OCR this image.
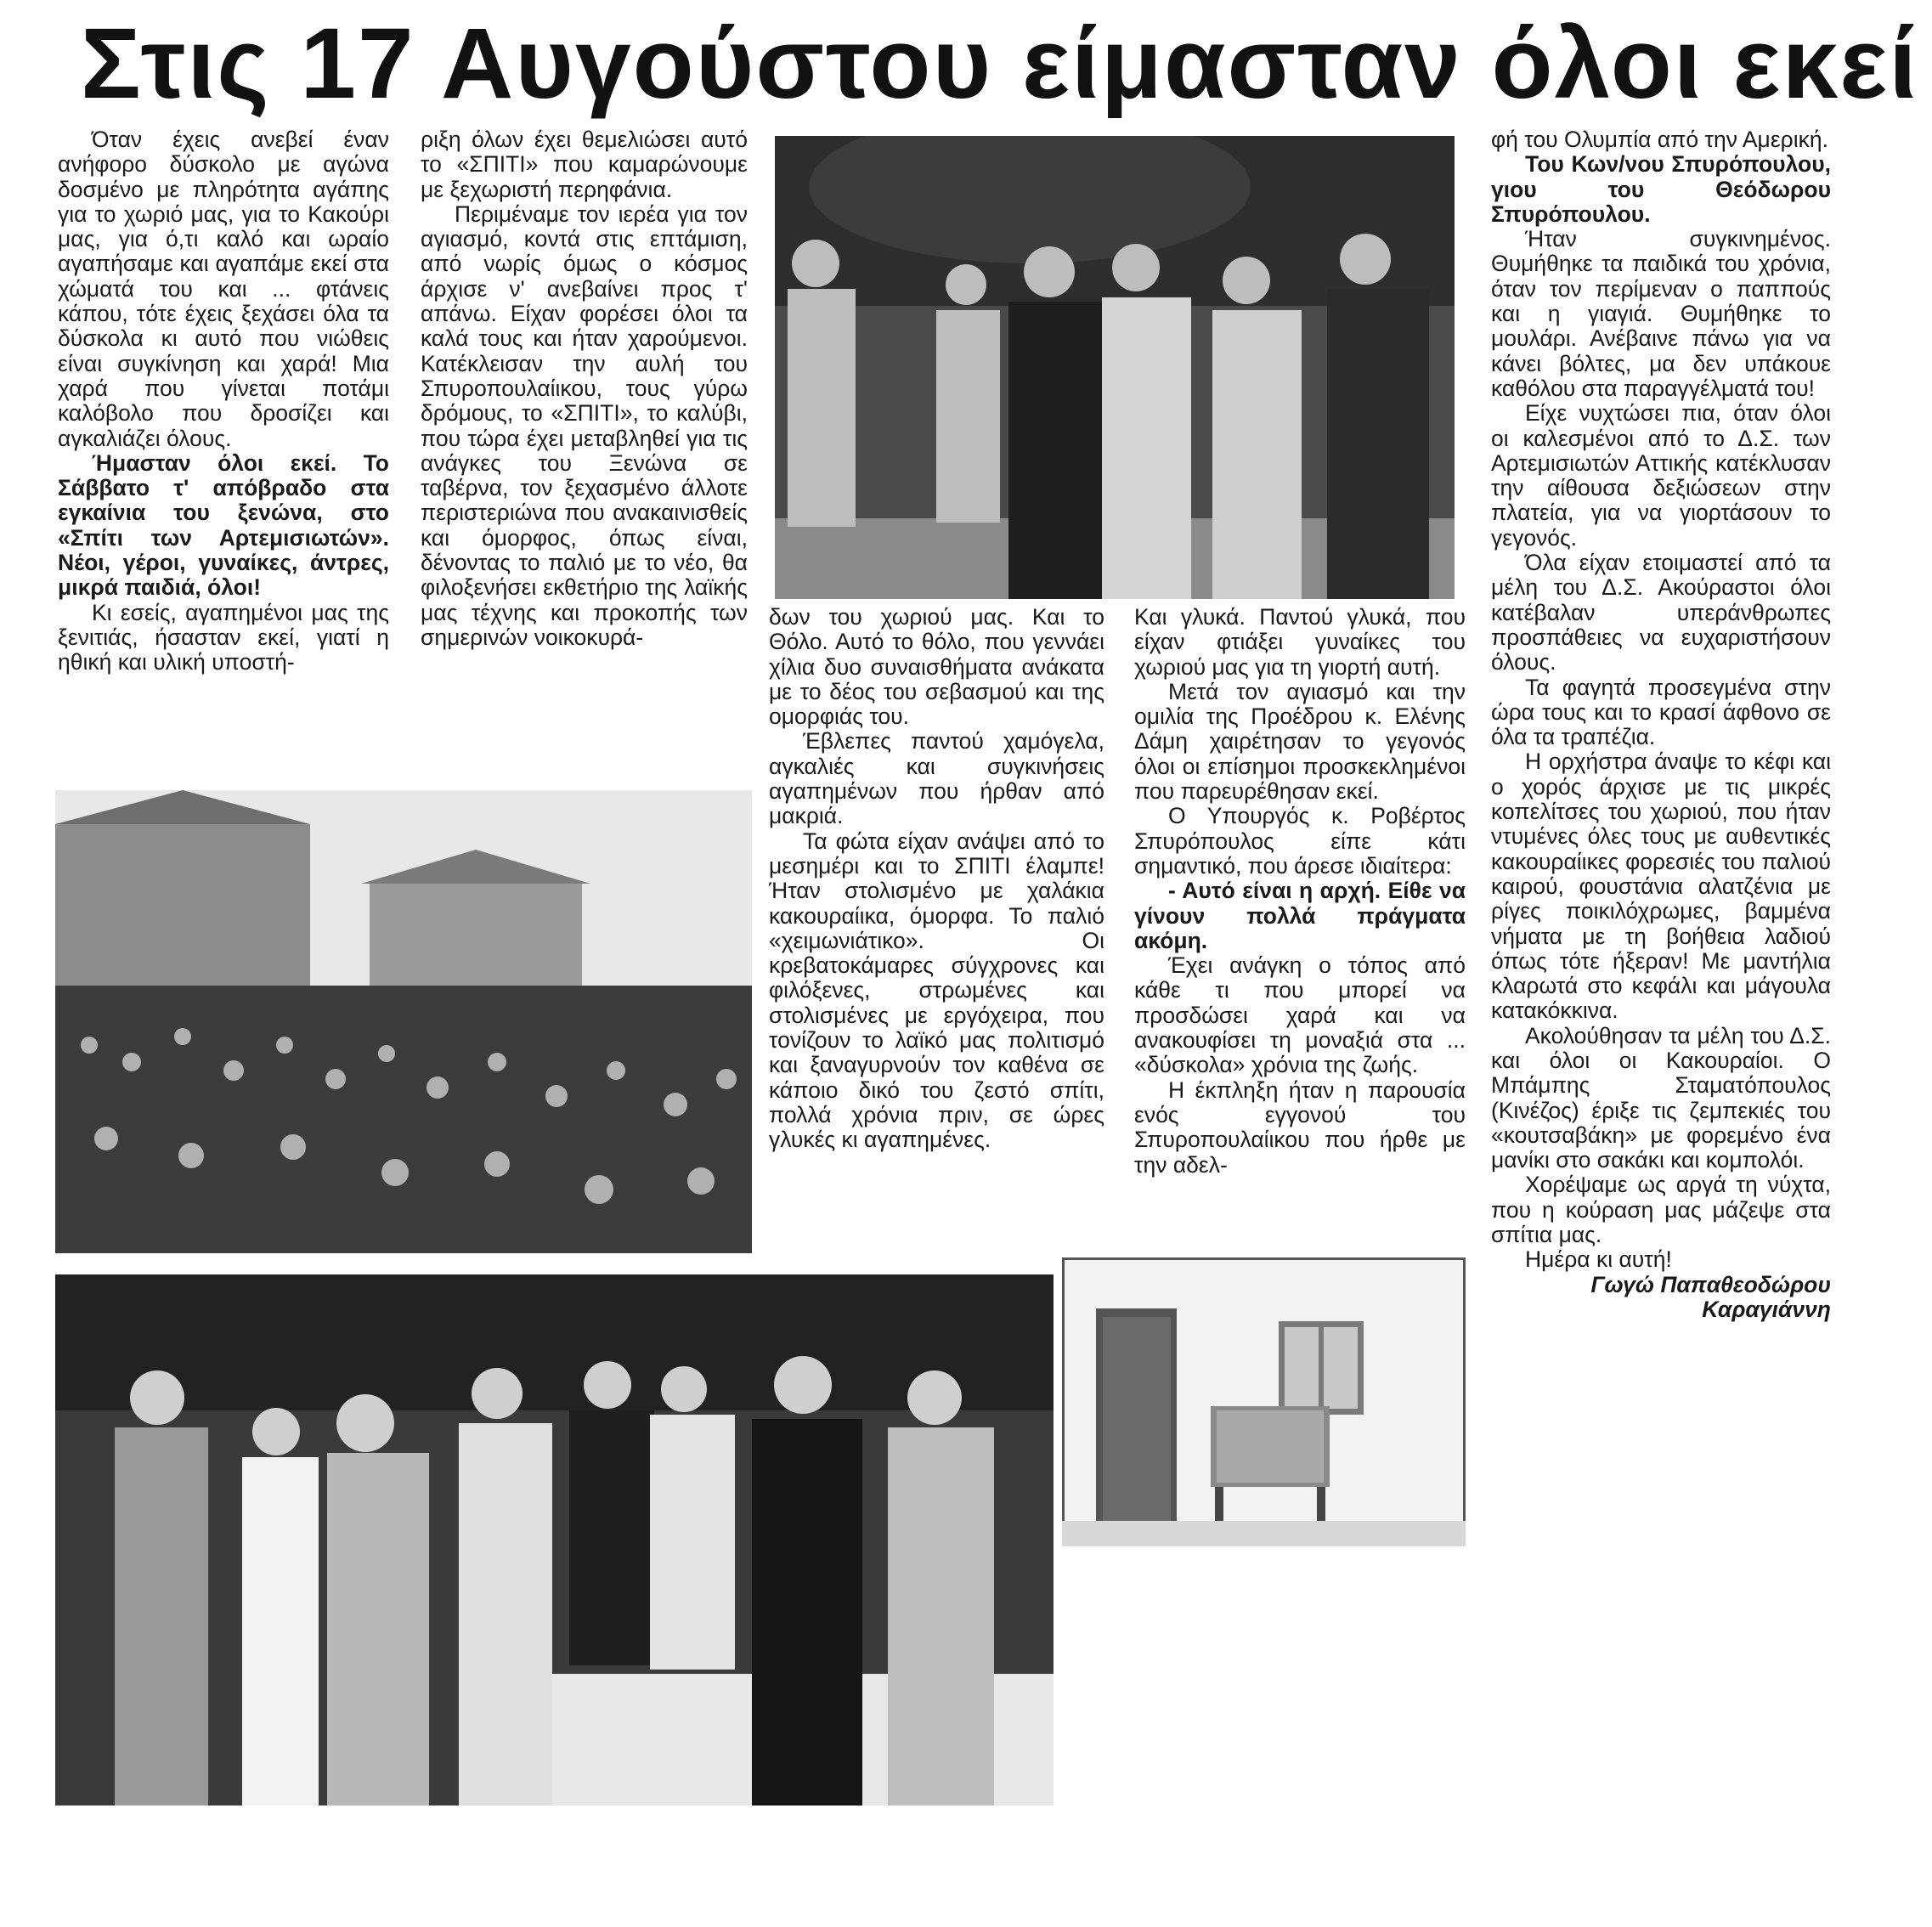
Στις 17 Αυγούστου είμασταν όλοι εκεί

Όταν έχεις ανεβεί έναν ανήφορο δύσκολο με αγώνα δοσμένο με πληρότητα αγάπης για το χωριό μας, για το Κακούρι μας, για ό,τι καλό και ωραίο αγαπήσαμε και αγαπάμε εκεί στα χώματά του και ... φτάνεις κάπου, τότε έχεις ξεχάσει όλα τα δύσκολα κι αυτό που νιώθεις είναι συγκίνηση και χαρά! Μια χαρά που γίνεται ποτάμι καλόβολο που δροσίζει και αγκαλιάζει όλους.

Ήμασταν όλοι εκεί. Το Σάββατο τ' απόβραδο στα εγκαίνια του ξενώνα, στο «Σπίτι των Αρτεμισιωτών». Νέοι, γέροι, γυναίκες, άντρες, μικρά παιδιά, όλοι!

Κι εσείς, αγαπημένοι μας της ξενιτιάς, ήσασταν εκεί, γιατί η ηθική και υλική υποστή-

ριξη όλων έχει θεμελιώσει αυτό το «ΣΠΙΤΙ» που καμαρώνουμε με ξεχωριστή περηφάνια.

Περιμέναμε τον ιερέα για τον αγιασμό, κοντά στις επτάμιση, από νωρίς όμως ο κόσμος άρχισε ν' ανεβαίνει προς τ' απάνω. Είχαν φορέσει όλοι τα καλά τους και ήταν χαρούμενοι. Κατέκλεισαν την αυλή του Σπυροπουλαίικου, τους γύρω δρόμους, το «ΣΠΙΤΙ», το καλύβι, που τώρα έχει μεταβληθεί για τις ανάγκες του Ξενώνα σε ταβέρνα, τον ξεχασμένο άλλοτε περιστεριώνα που ανακαινισθείς και όμορφος, όπως είναι, δένοντας το παλιό με το νέο, θα φιλοξενήσει εκθετήριο της λαϊκής μας τέχνης και προκοπής των σημερινών νοικοκυρά-

δων του χωριού μας. Και το Θόλο. Αυτό το θόλο, που γεννάει χίλια δυο συναισθήματα ανάκατα με το δέος του σεβασμού και της ομορφιάς του.

Έβλεπες παντού χαμόγελα, αγκαλιές και συγκινήσεις αγαπημένων που ήρθαν από μακριά.

Τα φώτα είχαν ανάψει από το μεσημέρι και το ΣΠΙΤΙ έλαμπε! Ήταν στολισμένο με χαλάκια κακουραίικα, όμορφα. Το παλιό «χειμωνιάτικο». Οι κρεβατοκάμαρες σύγχρονες και φιλόξενες, στρωμένες και στολισμένες με εργόχειρα, που τονίζουν το λαϊκό μας πολιτισμό και ξαναγυρνούν τον καθένα σε κάποιο δικό του ζεστό σπίτι, πολλά χρόνια πριν, σε ώρες γλυκές κι αγαπημένες.

Και γλυκά. Παντού γλυκά, που είχαν φτιάξει γυναίκες του χωριού μας για τη γιορτή αυτή.

Μετά τον αγιασμό και την ομιλία της Προέδρου κ. Ελένης Δάμη χαιρέτησαν το γεγονός όλοι οι επίσημοι προσκεκλημένοι που παρευρέθησαν εκεί.

Ο Υπουργός κ. Ροβέρτος Σπυρόπουλος είπε κάτι σημαντικό, που άρεσε ιδιαίτερα:

- Αυτό είναι η αρχή. Είθε να γίνουν πολλά πράγματα ακόμη.

Έχει ανάγκη ο τόπος από κάθε τι που μπορεί να προσδώσει χαρά και να ανακουφίσει τη μοναξιά στα ... «δύσκολα» χρόνια της ζωής.

Η έκπληξη ήταν η παρουσία ενός εγγονού του Σπυροπουλαίικου που ήρθε με την αδελ-

φή του Ολυμπία από την Αμερική.

Του Κων/νου Σπυρόπουλου, γιου του Θεόδωρου Σπυρόπουλου.

Ήταν συγκινημένος. Θυμήθηκε τα παιδικά του χρόνια, όταν τον περίμεναν ο παππούς και η γιαγιά. Θυμήθηκε το μουλάρι. Ανέβαινε πάνω για να κάνει βόλτες, μα δεν υπάκουε καθόλου στα παραγγέλματά του!

Είχε νυχτώσει πια, όταν όλοι οι καλεσμένοι από το Δ.Σ. των Αρτεμισιωτών Αττικής κατέκλυσαν την αίθουσα δεξιώσεων στην πλατεία, για να γιορτάσουν το γεγονός.

Όλα είχαν ετοιμαστεί από τα μέλη του Δ.Σ. Ακούραστοι όλοι κατέβαλαν υπεράνθρωπες προσπάθειες να ευχαριστήσουν όλους.

Τα φαγητά προσεγμένα στην ώρα τους και το κρασί άφθονο σε όλα τα τραπέζια.

Η ορχήστρα άναψε το κέφι και ο χορός άρχισε με τις μικρές κοπελίτσες του χωριού, που ήταν ντυμένες όλες τους με αυθεντικές κακουραίικες φορεσιές του παλιού καιρού, φουστάνια αλατζένια με ρίγες ποικιλόχρωμες, βαμμένα νήματα με τη βοήθεια λαδιού όπως τότε ήξεραν! Με μαντήλια κλαρωτά στο κεφάλι και μάγουλα κατακόκκινα.

Ακολούθησαν τα μέλη του Δ.Σ. και όλοι οι Κακουραίοι. Ο Μπάμπης Σταματόπουλος (Κινέζος) έριξε τις ζεμπεκιές του «κουτσαβάκη» με φορεμένο ένα μανίκι στο σακάκι και κομπολόι.

Χορέψαμε ως αργά τη νύχτα, που η κούραση μας μάζεψε στα σπίτια μας.

Ημέρα κι αυτή!

Γωγώ Παπαθεοδώρου

Καραγιάννη
